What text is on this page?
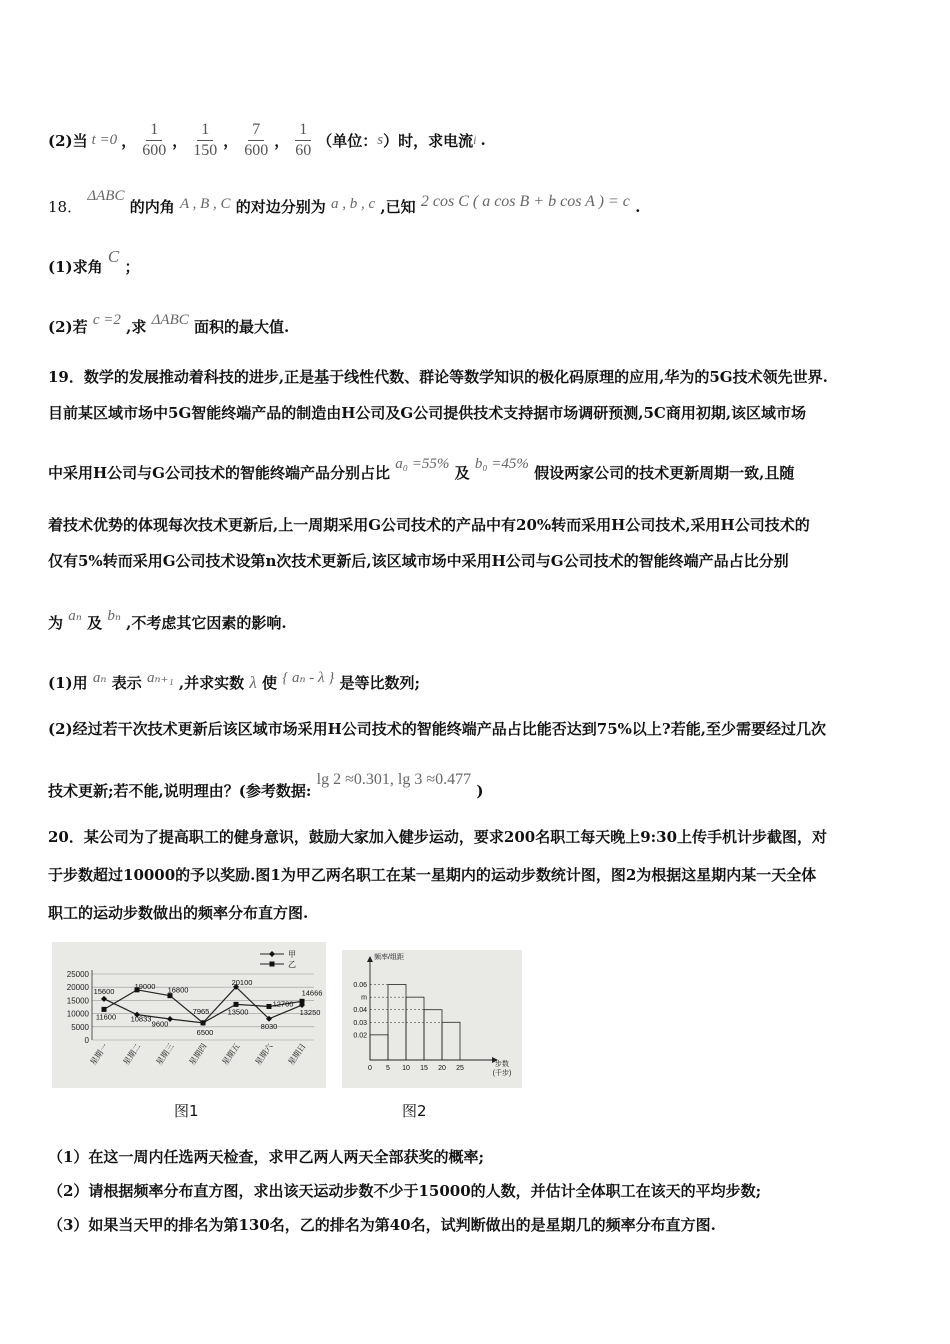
(2)当 t =0 ， $\frac{1}{600}$ ， $\frac{1}{150}$ ， $\frac{7}{600}$ ， $\frac{1}{60}$ （单位： s ）时，求电流 i .
18． ΔABC 的内角 A , B , C 的对边分别为 a , b , c ,已知 2 cos C ( a cos B + b cos A ) = c .
(1)求角 C ；
(2)若 c =2 ,求 ΔABC 面积的最大值.
19．数学的发展推动着科技的进步,正是基于线性代数、群论等数学知识的极化码原理的应用,华为的5G技术领先世界.
目前某区域市场中5G智能终端产品的制造由H公司及G公司提供技术支持据市场调研预测,5C商用初期,该区域市场
中采用H公司与G公司技术的智能终端产品分别占比 a₀ =55% 及 b₀ =45% 假设两家公司的技术更新周期一致,且随
着技术优势的体现每次技术更新后,上一周期采用G公司技术的产品中有20%转而采用H公司技术,采用H公司技术的
仅有5%转而采用G公司技术设第n次技术更新后,该区域市场中采用H公司与G公司技术的智能终端产品占比分别
为 aₙ 及 bₙ ,不考虑其它因素的影响.
(1)用 aₙ 表示 aₙ₊₁ ,并求实数 λ 使 { aₙ - λ } 是等比数列;
(2)经过若干次技术更新后该区域市场采用H公司技术的智能终端产品占比能否达到75%以上?若能,至少需要经过几次
技术更新;若不能,说明理由？(参考数据: lg 2 ≈0.301, lg 3 ≈0.477 )
20．某公司为了提高职工的健身意识，鼓励大家加入健步运动，要求200名职工每天晚上9:30上传手机计步截图，对
于步数超过10000的予以奖励.图1为甲乙两名职工在某一星期内的运动步数统计图，图2为根据这星期内某一天全体
职工的运动步数做出的频率分布直方图.
25000
20000
15000
10000
5000
0
15600
19000 16800
7965
20100
14666
11600 10833
9600
6500
13500
12700
8030
13250
甲
乙
星期一 星期二 星期三 星期四 星期五 星期六 星期日
图1
频率/组距
0.06
m
0.04
0.03
0.02
0 5 10 15 20 25
步数
(千步)
图2
（1）在这一周内任选两天检查，求甲乙两人两天全部获奖的概率;
（2）请根据频率分布直方图，求出该天运动步数不少于15000的人数，并估计全体职工在该天的平均步数;
（3）如果当天甲的排名为第130名，乙的排名为第40名，试判断做出的是星期几的频率分布直方图.
